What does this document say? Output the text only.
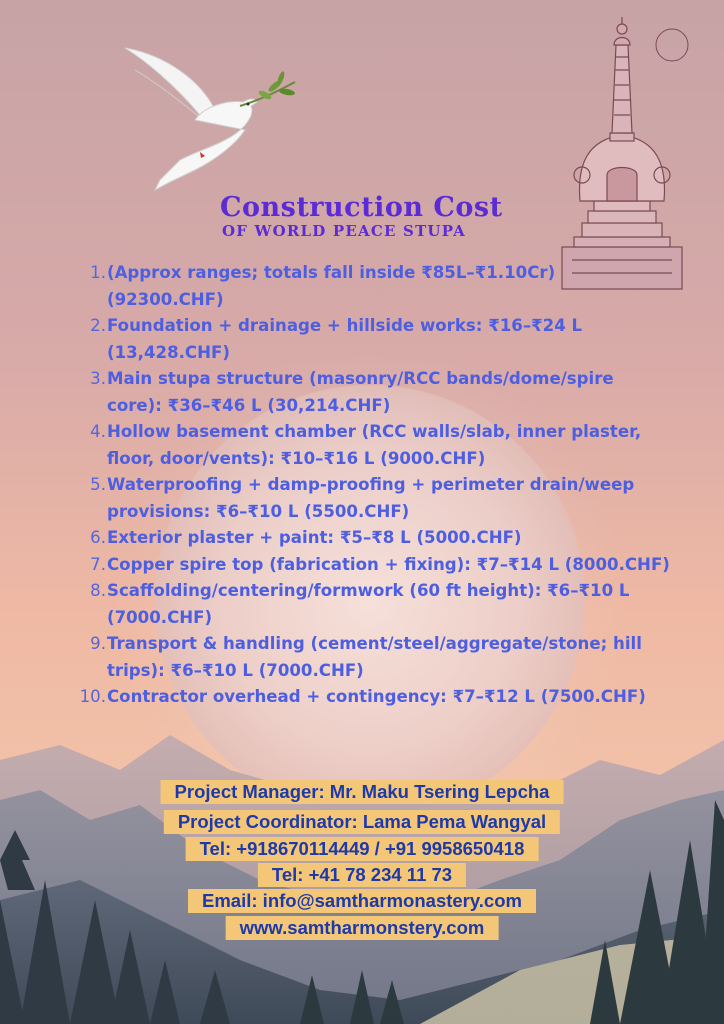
Construction Cost
OF WORLD PEACE STUPA
1. (Approx ranges; totals fall inside ₹85L–₹1.10Cr) (92300.CHF)
2. Foundation + drainage + hillside works: ₹16–₹24 L (13,428.CHF)
3. Main stupa structure (masonry/RCC bands/dome/spire core): ₹36–₹46 L (30,214.CHF)
4. Hollow basement chamber (RCC walls/slab, inner plaster, floor, door/vents): ₹10–₹16 L (9000.CHF)
5. Waterproofing + damp-proofing + perimeter drain/weep provisions: ₹6–₹10 L (5500.CHF)
6. Exterior plaster + paint: ₹5–₹8 L (5000.CHF)
7. Copper spire top (fabrication + fixing): ₹7–₹14 L (8000.CHF)
8. Scaffolding/centering/formwork (60 ft height): ₹6–₹10 L (7000.CHF)
9. Transport & handling (cement/steel/aggregate/stone; hill trips): ₹6–₹10 L (7000.CHF)
10. Contractor overhead + contingency: ₹7–₹12 L (7500.CHF)
Project Manager: Mr. Maku Tsering Lepcha
Project Coordinator: Lama Pema Wangyal
Tel: +918670114449 / +91 9958650418
Tel: +41 78 234 11 73
Email: info@samtharmonastery.com
www.samtharmonstery.com
